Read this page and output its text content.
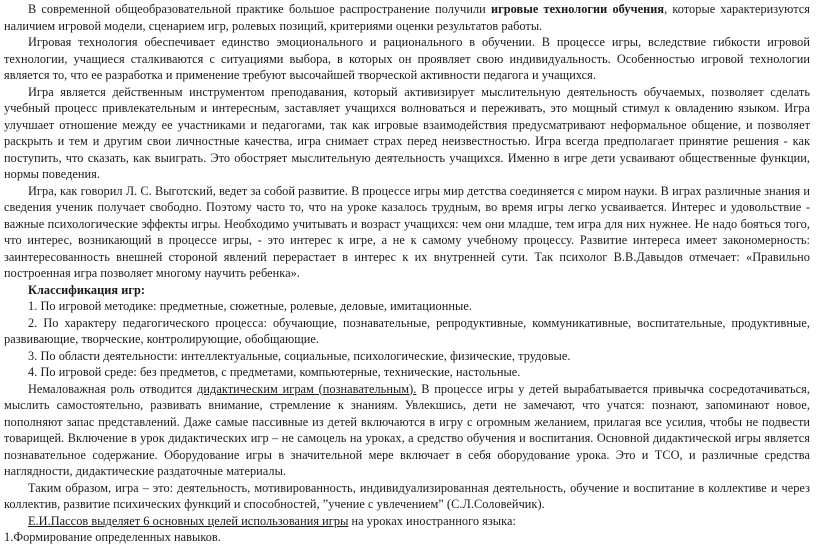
В современной общеобразовательной практике большое распространение получили игровые технологии обучения, которые характеризуются наличием игровой модели, сценарием игр, ролевых позиций, критериями оценки результатов работы.

Игровая технология обеспечивает единство эмоционального и рационального в обучении. В процессе игры, вследствие гибкости игровой технологии, учащиеся сталкиваются с ситуациями выбора, в которых он проявляет свою индивидуальность. Особенностью игровой технологии является то, что ее разработка и применение требуют высочайшей творческой активности педагога и учащихся.

Игра является действенным инструментом преподавания, который активизирует мыслительную деятельность обучаемых, позволяет сделать учебный процесс привлекательным и интересным, заставляет учащихся волноваться и переживать, это мощный стимул к овладению языком. Игра улучшает отношение между ее участниками и педагогами, так как игровые взаимодействия предусматривают неформальное общение, и позволяет раскрыть и тем и другим свои личностные качества, игра снимает страх перед неизвестностью. Игра всегда предполагает принятие решения - как поступить, что сказать, как выиграть. Это обостряет мыслительную деятельность учащихся. Именно в игре дети усваивают общественные функции, нормы поведения.

Игра, как говорил Л. С. Выготский, ведет за собой развитие. В процессе игры мир детства соединяется с миром науки. В играх различные знания и сведения ученик получает свободно. Поэтому часто то, что на уроке казалось трудным, во время игры легко усваивается. Интерес и удовольствие - важные психологические эффекты игры. Необходимо учитывать и возраст учащихся: чем они младше, тем игра для них нужнее. Не надо бояться того, что интерес, возникающий в процессе игры, - это интерес к игре, а не к самому учебному процессу. Развитие интереса имеет закономерность: заинтересованность внешней стороной явлений перерастает в интерес к их внутренней сути. Так психолог В.В.Давыдов отмечает: «Правильно построенная игра позволяет многому научить ребенка».

Классификация игр:

1. По игровой методике: предметные, сюжетные, ролевые, деловые, имитационные.

2. По характеру педагогического процесса: обучающие, познавательные, репродуктивные, коммуникативные, воспитательные, продуктивные, развивающие, творческие, контролирующие, обобщающие.

3. По области деятельности: интеллектуальные, социальные, психологические, физические, трудовые.

4. По игровой среде: без предметов, с предметами, компьютерные, технические, настольные.

Немаловажная роль отводится дидактическим играм (познавательным). В процессе игры у детей вырабатывается привычка сосредотачиваться, мыслить самостоятельно, развивать внимание, стремление к знаниям. Увлекшись, дети не замечают, что учатся: познают, запоминают новое, пополняют запас представлений. Даже самые пассивные из детей включаются в игру с огромным желанием, прилагая все усилия, чтобы не подвести товарищей. Включение в урок дидактических игр – не самоцель на уроках, а средство обучения и воспитания. Основной дидактической игры является познавательное содержание. Оборудование игры в значительной мере включает в себя оборудование урока. Это и ТСО, и различные средства наглядности, дидактические раздаточные материалы.

Таким образом, игра – это: деятельность, мотивированность, индивидуализированная деятельность, обучение и воспитание в коллективе и через коллектив, развитие психических функций и способностей, ”учение с увлечением” (С.Л.Соловейчик).

Е.И.Пассов выделяет 6 основных целей использования игры на уроках иностранного языка:

1.Формирование определенных навыков.
